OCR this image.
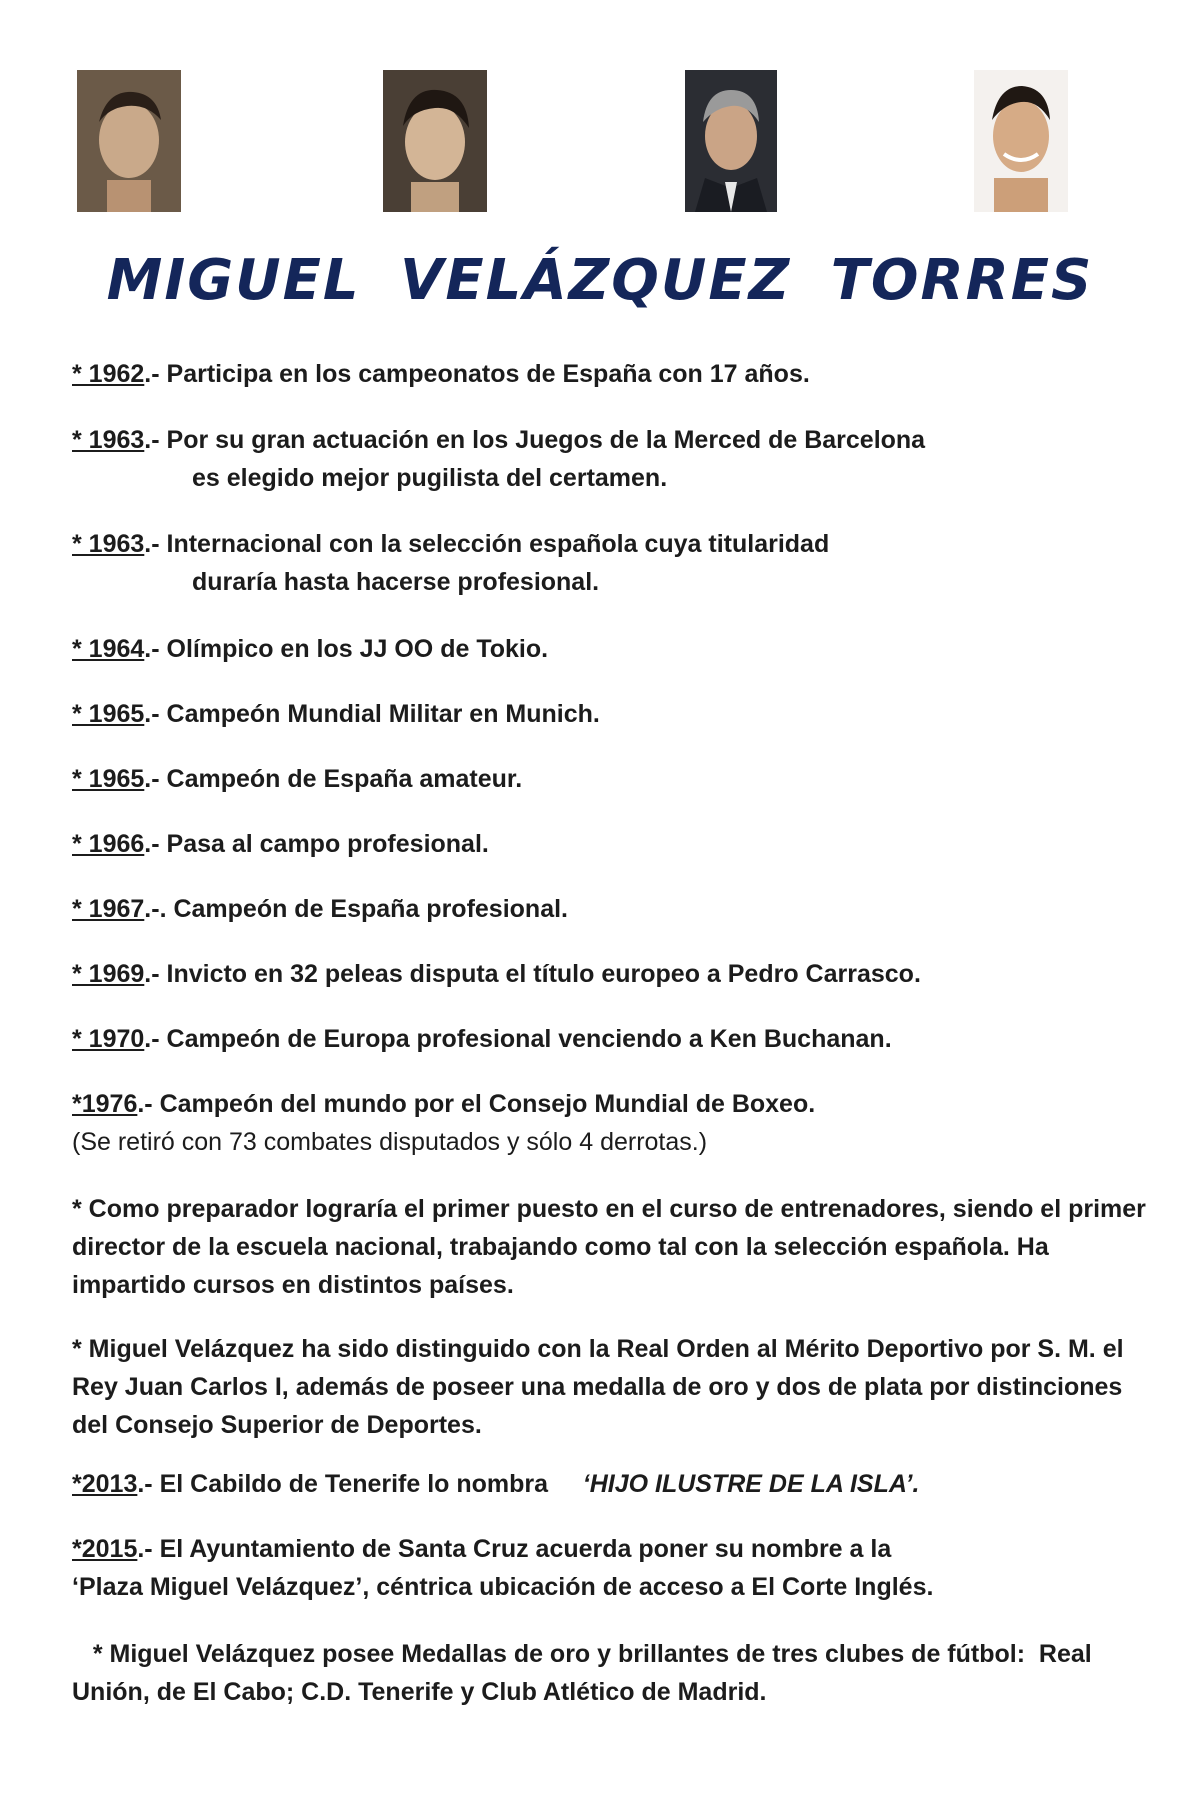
MIGUEL VELÁZQUEZ TORRES
* 1962.- Participa en los campeonatos de España con 17 años.
* 1963.- Por su gran actuación en los Juegos de la Merced de Barcelona
es elegido mejor pugilista del certamen.
* 1963.- Internacional con la selección española cuya titularidad
duraría hasta hacerse profesional.
* 1964.- Olímpico en los JJ OO de Tokio.
* 1965.- Campeón Mundial Militar en Munich.
* 1965.- Campeón de España amateur.
* 1966.- Pasa al campo profesional.
* 1967.-. Campeón de España profesional.
* 1969.- Invicto en 32 peleas disputa el título europeo a Pedro Carrasco.
* 1970.- Campeón de Europa profesional venciendo a Ken Buchanan.
*1976.- Campeón del mundo por el Consejo Mundial de Boxeo.
(Se retiró con 73 combates disputados y sólo 4 derrotas.)
* Como preparador lograría el primer puesto en el curso de entrenadores, siendo el primer director de la escuela nacional, trabajando como tal con la selección española. Ha impartido cursos en distintos países.
* Miguel Velázquez ha sido distinguido con la Real Orden al Mérito Deportivo por S. M. el Rey Juan Carlos I, además de poseer una medalla de oro y dos de plata por distinciones del Consejo Superior de Deportes.
*2013.- El Cabildo de Tenerife lo nombra ‘HIJO ILUSTRE DE LA ISLA’.
*2015.- El Ayuntamiento de Santa Cruz acuerda poner su nombre a la
‘Plaza Miguel Velázquez’, céntrica ubicación de acceso a El Corte Inglés.
* Miguel Velázquez posee Medallas de oro y brillantes de tres clubes de fútbol:  Real Unión, de El Cabo; C.D. Tenerife y Club Atlético de Madrid.
